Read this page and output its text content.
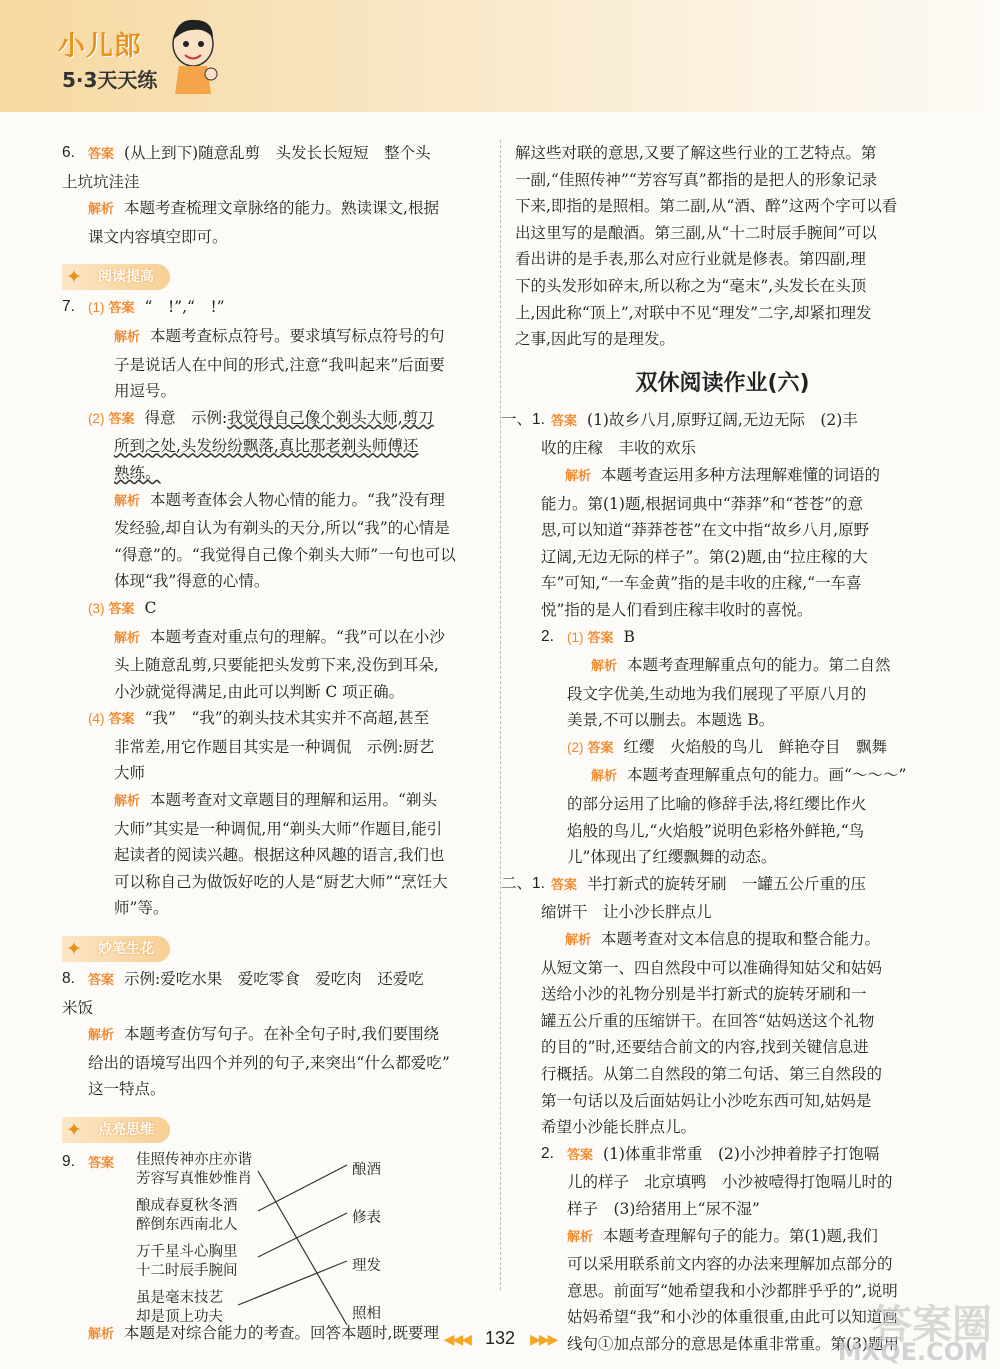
小儿郎
5·3天天练
6.	答案 (从上到下)随意乱剪　头发长长短短　整个头
上坑坑洼洼
解析 本题考查梳理文章脉络的能力。熟读课文,根据
课文内容填空即可。
✦ 阅读提高
7. (1) 答案 “　!”,“　!”
解析 本题考查标点符号。要求填写标点符号的句
子是说话人在中间的形式,注意“我叫起来”后面要
用逗号。
(2) 答案 得意　示例:我觉得自己像个剃头大师,剪刀
所到之处,头发纷纷飘落,真比那老剃头师傅还
熟练。
解析 本题考查体会人物心情的能力。“我”没有理
发经验,却自认为有剃头的天分,所以“我”的心情是
“得意”的。“我觉得自己像个剃头大师”一句也可以
体现“我”得意的心情。
(3) 答案 C
解析 本题考查对重点句的理解。“我”可以在小沙
头上随意乱剪,只要能把头发剪下来,没伤到耳朵,
小沙就觉得满足,由此可以判断 C 项正确。
(4) 答案 “我”　“我”的剃头技术其实并不高超,甚至
非常差,用它作题目其实是一种调侃　示例:厨艺
大师
解析 本题考查对文章题目的理解和运用。“剃头
大师”其实是一种调侃,用“剃头大师”作题目,能引
起读者的阅读兴趣。根据这种风趣的语言,我们也
可以称自己为做饭好吃的人是“厨艺大师”“烹饪大
师”等。
✦ 妙笔生花
8.	答案 示例:爱吃水果　爱吃零食　爱吃肉　还爱吃
米饭
解析 本题考查仿写句子。在补全句子时,我们要围绕
给出的语境写出四个并列的句子,来突出“什么都爱吃”
这一特点。
✦ 点亮思维
9. 答案 佳照传神亦庄亦谐
芳容写真惟妙惟肖
酿成春夏秋冬酒
醉倒东西南北人
万千星斗心胸里
十二时辰手腕间
虽是毫末技艺
却是顶上功夫
酿酒
修表
理发
照相
解析 本题是对综合能力的考查。回答本题时,既要理
解这些对联的意思,又要了解这些行业的工艺特点。第
一副,“佳照传神”“芳容写真”都指的是把人的形象记录
下来,即指的是照相。第二副,从“酒、醉”这两个字可以看
出这里写的是酿酒。第三副,从“十二时辰手腕间”可以
看出讲的是手表,那么对应行业就是修表。第四副,理
下的头发形如碎末,所以称之为“毫末”,头发长在头顶
上,因此称“顶上”,对联中不见“理发”二字,却紧扣理发
之事,因此写的是理发。
双休阅读作业(六)
一、1. 答案 (1)故乡八月,原野辽阔,无边无际　(2)丰
收的庄稼　丰收的欢乐
解析 本题考查运用多种方法理解难懂的词语的
能力。第(1)题,根据词典中“莽莽”和“苍苍”的意
思,可以知道“莽莽苍苍”在文中指“故乡八月,原野
辽阔,无边无际的样子”。第(2)题,由“拉庄稼的大
车”可知,“一车金黄”指的是丰收的庄稼,“一车喜
悦”指的是人们看到庄稼丰收时的喜悦。
2. (1) 答案 B
解析 本题考查理解重点句的能力。第二自然
段文字优美,生动地为我们展现了平原八月的
美景,不可以删去。本题选 B。
(2) 答案 红缨　火焰般的鸟儿　鲜艳夺目　飘舞
解析 本题考查理解重点句的能力。画“～～～”
的部分运用了比喻的修辞手法,将红缨比作火
焰般的鸟儿,“火焰般”说明色彩格外鲜艳,“鸟
儿”体现出了红缨飘舞的动态。
二、1. 答案 半打新式的旋转牙刷　一罐五公斤重的压
缩饼干　让小沙长胖点儿
解析 本题考查对文本信息的提取和整合能力。
从短文第一、四自然段中可以准确得知姑父和姑妈
送给小沙的礼物分别是半打新式的旋转牙刷和一
罐五公斤重的压缩饼干。在回答“姑妈送这个礼物
的目的”时,还要结合前文的内容,找到关键信息进
行概括。从第二自然段的第二句话、第三自然段的
第一句话以及后面姑妈让小沙吃东西可知,姑妈是
希望小沙能长胖点儿。
2.	答案 (1)体重非常重　(2)小沙抻着脖子打饱嗝
儿的样子　北京填鸭　小沙被噎得打饱嗝儿时的
样子　(3)给猪用上“尿不湿”
解析 本题考查理解句子的能力。第(1)题,我们
可以采用联系前文内容的办法来理解加点部分的
意思。前面写“她希望我和小沙都胖乎乎的”,说明
姑妈希望“我”和小沙的体重很重,由此可以知道画
线句①加点部分的意思是体重非常重。第(3)题用
◀◀◀ 132 ▶▶▶	答案圈
MXQE.COM
